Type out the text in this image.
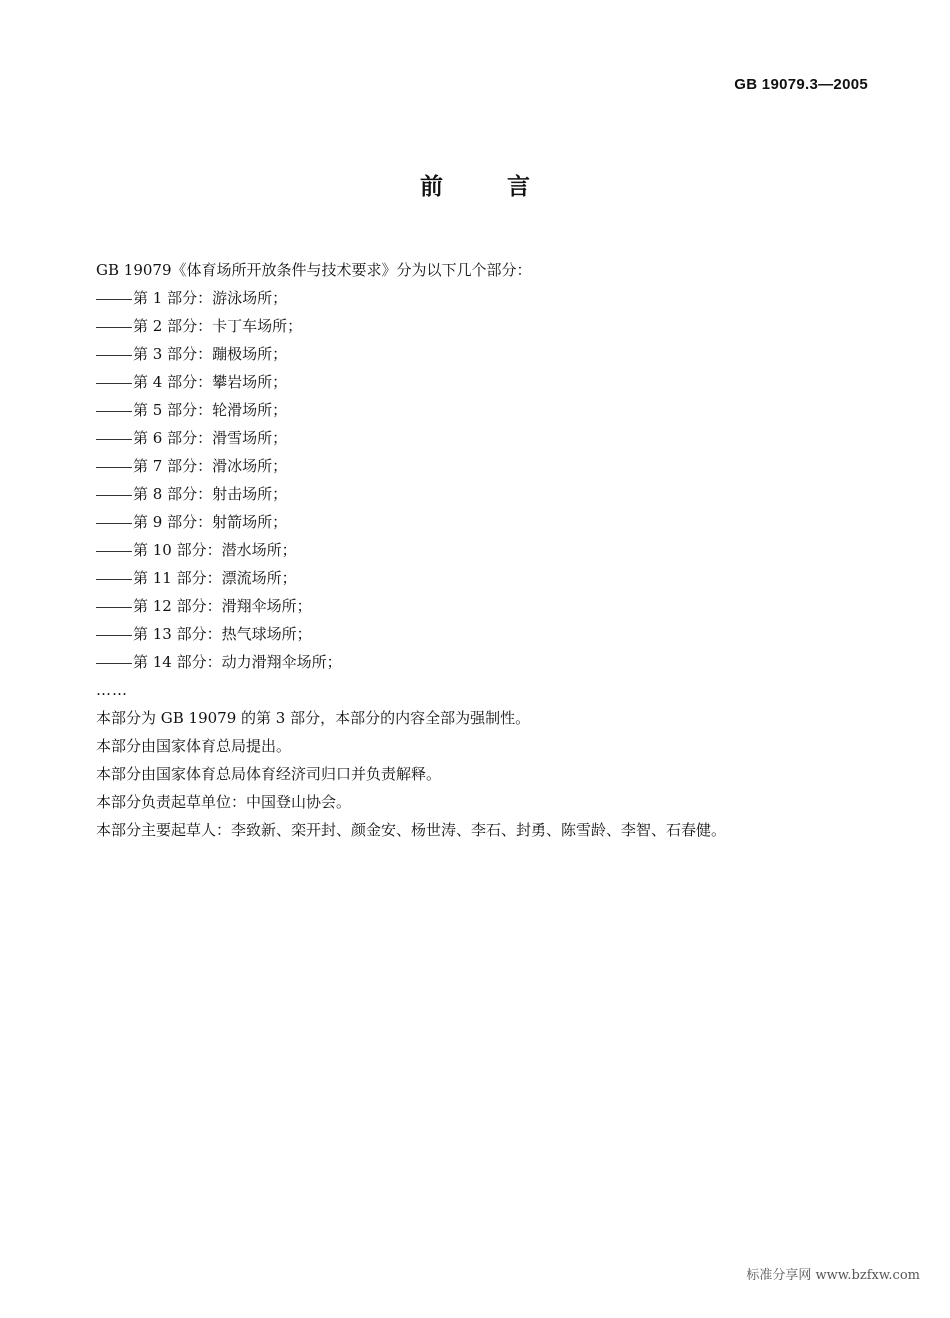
GB 19079.3—2005
前言
GB 19079《体育场所开放条件与技术要求》分为以下几个部分：
第 1 部分：游泳场所；
第 2 部分：卡丁车场所；
第 3 部分：蹦极场所；
第 4 部分：攀岩场所；
第 5 部分：轮滑场所；
第 6 部分：滑雪场所；
第 7 部分：滑冰场所；
第 8 部分：射击场所；
第 9 部分：射箭场所；
第 10 部分：潜水场所；
第 11 部分：漂流场所；
第 12 部分：滑翔伞场所；
第 13 部分：热气球场所；
第 14 部分：动力滑翔伞场所；
……
本部分为 GB 19079 的第 3 部分，本部分的内容全部为强制性。
本部分由国家体育总局提出。
本部分由国家体育总局体育经济司归口并负责解释。
本部分负责起草单位：中国登山协会。
本部分主要起草人：李致新、栾开封、颜金安、杨世涛、李石、封勇、陈雪龄、李智、石春健。
标准分享网 www.bzfxw.com
